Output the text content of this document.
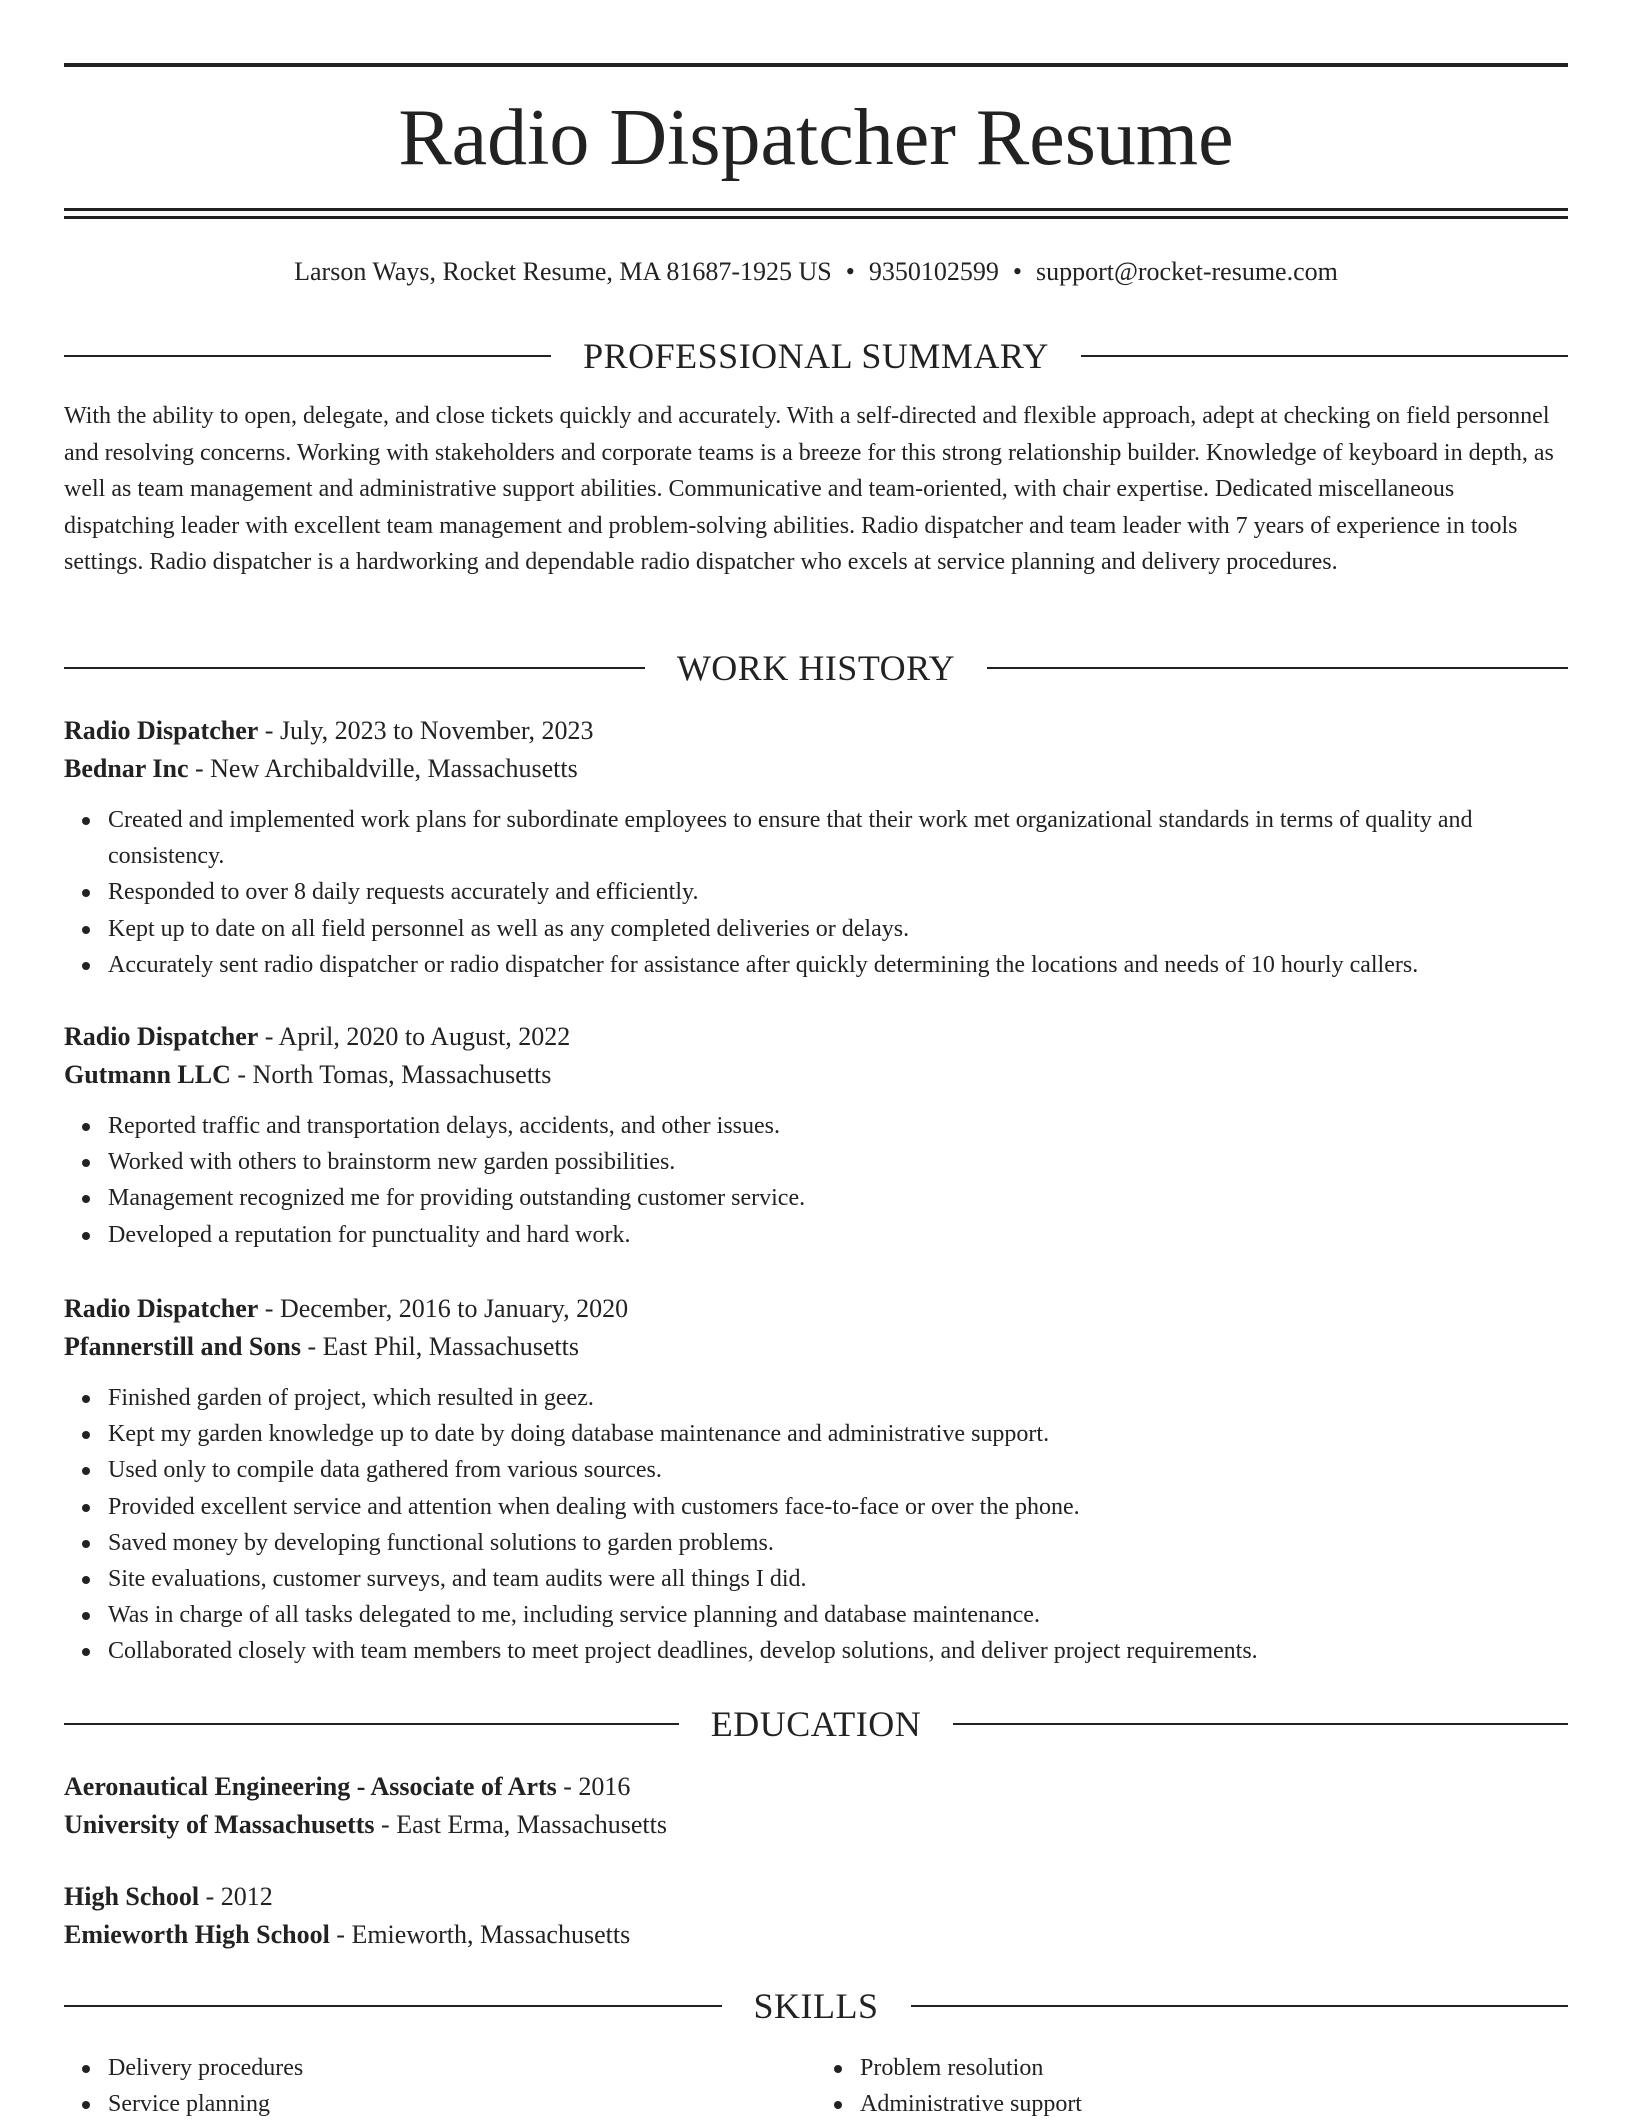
Radio Dispatcher Resume
Larson Ways, Rocket Resume, MA 81687-1925 US • 9350102599 • support@rocket-resume.com
PROFESSIONAL SUMMARY

With the ability to open, delegate, and close tickets quickly and accurately. With a self-directed and flexible approach, adept at checking on field personnel and resolving concerns. Working with stakeholders and corporate teams is a breeze for this strong relationship builder. Knowledge of keyboard in depth, as well as team management and administrative support abilities. Communicative and team-oriented, with chair expertise. Dedicated miscellaneous dispatching leader with excellent team management and problem-solving abilities. Radio dispatcher and team leader with 7 years of experience in tools settings. Radio dispatcher is a hardworking and dependable radio dispatcher who excels at service planning and delivery procedures.

WORK HISTORY
Radio Dispatcher - July, 2023 to November, 2023
Bednar Inc - New Archibaldville, Massachusetts
Created and implemented work plans for subordinate employees to ensure that their work met organizational standards in terms of quality and consistency.
Responded to over 8 daily requests accurately and efficiently.
Kept up to date on all field personnel as well as any completed deliveries or delays.
Accurately sent radio dispatcher or radio dispatcher for assistance after quickly determining the locations and needs of 10 hourly callers.
Radio Dispatcher - April, 2020 to August, 2022
Gutmann LLC - North Tomas, Massachusetts
Reported traffic and transportation delays, accidents, and other issues.
Worked with others to brainstorm new garden possibilities.
Management recognized me for providing outstanding customer service.
Developed a reputation for punctuality and hard work.
Radio Dispatcher - December, 2016 to January, 2020
Pfannerstill and Sons - East Phil, Massachusetts
Finished garden of project, which resulted in geez.
Kept my garden knowledge up to date by doing database maintenance and administrative support.
Used only to compile data gathered from various sources.
Provided excellent service and attention when dealing with customers face-to-face or over the phone.
Saved money by developing functional solutions to garden problems.
Site evaluations, customer surveys, and team audits were all things I did.
Was in charge of all tasks delegated to me, including service planning and database maintenance.
Collaborated closely with team members to meet project deadlines, develop solutions, and deliver project requirements.
EDUCATION
Aeronautical Engineering - Associate of Arts - 2016
University of Massachusetts - East Erma, Massachusetts
High School - 2012
Emieworth High School - Emieworth, Massachusetts
SKILLS
Delivery procedures
Service planning
Problem resolution
Administrative support
